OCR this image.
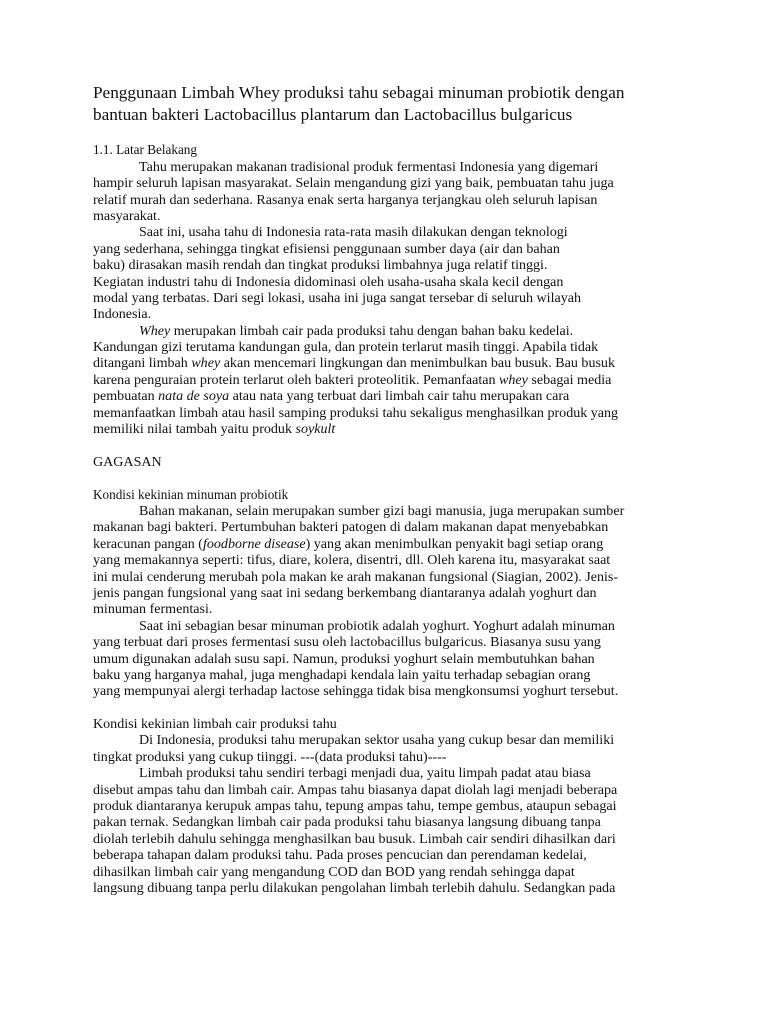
Penggunaan Limbah Whey produksi tahu sebagai minuman probiotik dengan
bantuan bakteri Lactobacillus plantarum dan Lactobacillus bulgaricus
1.1. Latar Belakang
Tahu merupakan makanan tradisional produk fermentasi Indonesia yang digemari
hampir seluruh lapisan masyarakat. Selain mengandung gizi yang baik, pembuatan tahu juga
relatif murah dan sederhana. Rasanya enak serta harganya terjangkau oleh seluruh lapisan
masyarakat.
Saat ini, usaha tahu di Indonesia rata-rata masih dilakukan dengan teknologi
yang sederhana, sehingga tingkat efisiensi penggunaan sumber daya (air dan bahan
baku) dirasakan masih rendah dan tingkat produksi limbahnya juga relatif tinggi.
Kegiatan industri tahu di Indonesia didominasi oleh usaha-usaha skala kecil dengan
modal yang terbatas. Dari segi lokasi, usaha ini juga sangat tersebar di seluruh wilayah
Indonesia.
Whey merupakan limbah cair pada produksi tahu dengan bahan baku kedelai.
Kandungan gizi terutama kandungan gula, dan protein terlarut masih tinggi. Apabila tidak
ditangani limbah whey akan mencemari lingkungan dan menimbulkan bau busuk. Bau busuk
karena penguraian protein terlarut oleh bakteri proteolitik. Pemanfaatan whey sebagai media
pembuatan nata de soya atau nata yang terbuat dari limbah cair tahu merupakan cara
memanfaatkan limbah atau hasil samping produksi tahu sekaligus menghasilkan produk yang
memiliki nilai tambah yaitu produk soykult
GAGASAN
Kondisi kekinian minuman probiotik
Bahan makanan, selain merupakan sumber gizi bagi manusia, juga merupakan sumber
makanan bagi bakteri. Pertumbuhan bakteri patogen di dalam makanan dapat menyebabkan
keracunan pangan (foodborne disease) yang akan menimbulkan penyakit bagi setiap orang
yang memakannya seperti: tifus, diare, kolera, disentri, dll. Oleh karena itu, masyarakat saat
ini mulai cenderung merubah pola makan ke arah makanan fungsional (Siagian, 2002). Jenis-
jenis pangan fungsional yang saat ini sedang berkembang diantaranya adalah yoghurt dan
minuman fermentasi.
Saat ini sebagian besar minuman probiotik adalah yoghurt. Yoghurt adalah minuman
yang terbuat dari proses fermentasi susu oleh lactobacillus bulgaricus. Biasanya susu yang
umum digunakan adalah susu sapi. Namun, produksi yoghurt selain membutuhkan bahan
baku yang harganya mahal, juga menghadapi kendala lain yaitu terhadap sebagian orang
yang mempunyai alergi terhadap lactose sehingga tidak bisa mengkonsumsi yoghurt tersebut.
Kondisi kekinian limbah cair produksi tahu
Di Indonesia, produksi tahu merupakan sektor usaha yang cukup besar dan memiliki
tingkat produksi yang cukup tiinggi. ---(data produksi tahu)----
Limbah produksi tahu sendiri terbagi menjadi dua, yaitu limpah padat atau biasa
disebut ampas tahu dan limbah cair. Ampas tahu biasanya dapat diolah lagi menjadi beberapa
produk diantaranya kerupuk ampas tahu, tepung ampas tahu, tempe gembus, ataupun sebagai
pakan ternak. Sedangkan limbah cair pada produksi tahu biasanya langsung dibuang tanpa
diolah terlebih dahulu sehingga menghasilkan bau busuk. Limbah cair sendiri dihasilkan dari
beberapa tahapan dalam produksi tahu. Pada proses pencucian dan perendaman kedelai,
dihasilkan limbah cair yang mengandung COD dan BOD yang rendah sehingga dapat
langsung dibuang tanpa perlu dilakukan pengolahan limbah terlebih dahulu. Sedangkan pada
